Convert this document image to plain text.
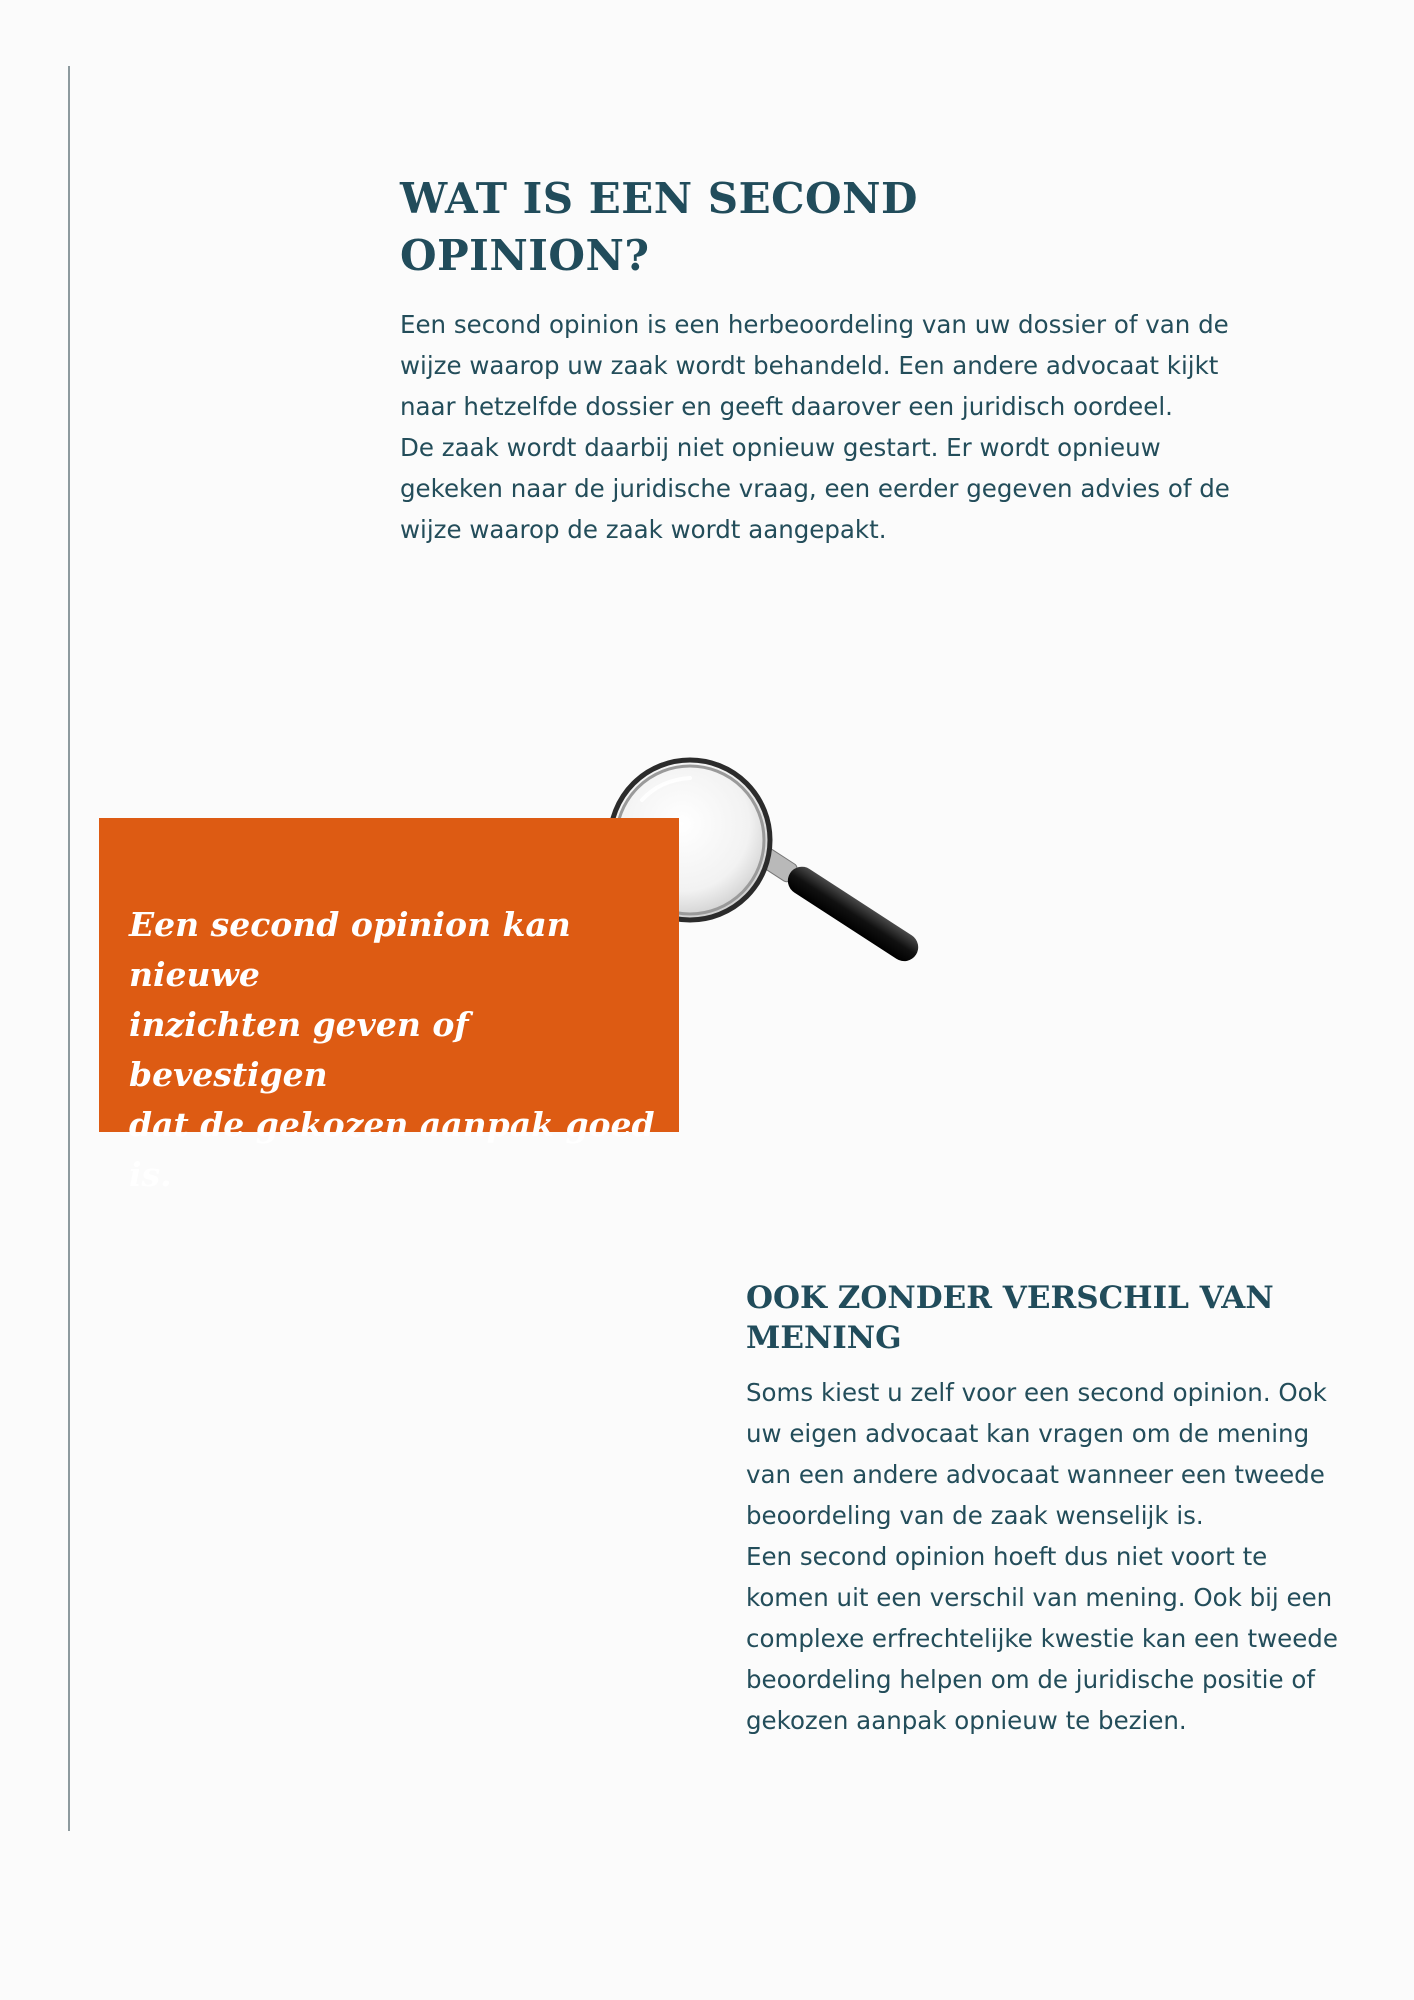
WAT IS EEN SECOND
OPINION?

Een second opinion is een herbeoordeling van uw dossier of van de
wijze waarop uw zaak wordt behandeld. Een andere advocaat kijkt
naar hetzelfde dossier en geeft daarover een juridisch oordeel.
De zaak wordt daarbij niet opnieuw gestart. Er wordt opnieuw
gekeken naar de juridische vraag, een eerder gegeven advies of de
wijze waarop de zaak wordt aangepakt.

Een second opinion kan nieuwe
inzichten geven of bevestigen
dat de gekozen aanpak goed is.

OOK ZONDER VERSCHIL VAN
MENING

Soms kiest u zelf voor een second opinion. Ook
uw eigen advocaat kan vragen om de mening
van een andere advocaat wanneer een tweede
beoordeling van de zaak wenselijk is.
Een second opinion hoeft dus niet voort te
komen uit een verschil van mening. Ook bij een
complexe erfrechtelijke kwestie kan een tweede
beoordeling helpen om de juridische positie of
gekozen aanpak opnieuw te bezien.
